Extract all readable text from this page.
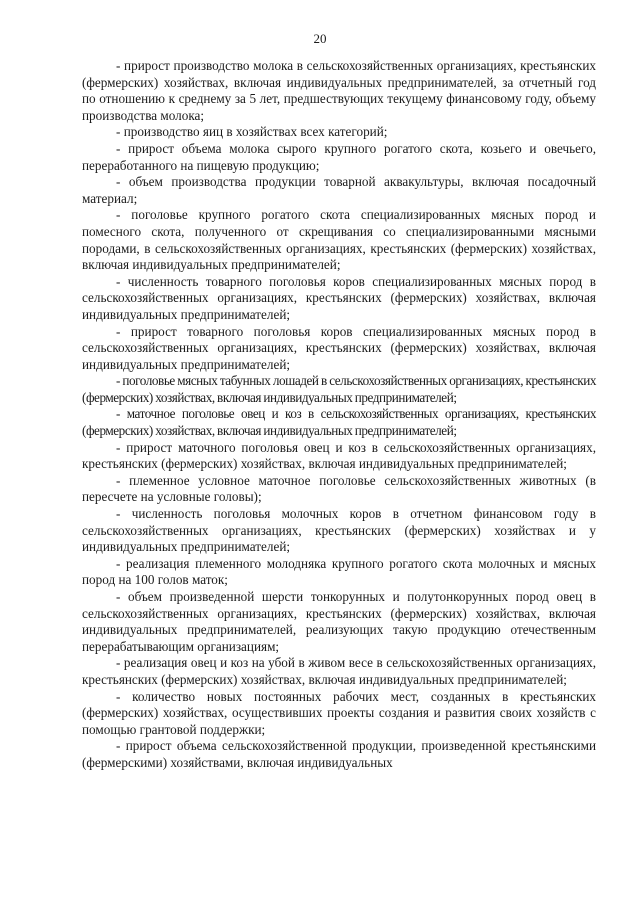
20

- прирост производство молока в сельскохозяйственных организациях, крестьянских (фермерских) хозяйствах, включая индивидуальных предпринимателей, за отчетный год по отношению к среднему за 5 лет, предшествующих текущему финансовому году, объему производства молока;

- производство яиц в хозяйствах всех категорий;

- прирост объема молока сырого крупного рогатого скота, козьего и овечьего, переработанного на пищевую продукцию;

- объем производства продукции товарной аквакультуры, включая посадочный материал;

- поголовье крупного рогатого скота специализированных мясных пород и помесного скота, полученного от скрещивания со специализированными мясными породами, в сельскохозяйственных организациях, крестьянских (фермерских) хозяйствах, включая индивидуальных предпринимателей;

- численность товарного поголовья коров специализированных мясных пород в сельскохозяйственных организациях, крестьянских (фермерских) хозяйствах, включая индивидуальных предпринимателей;

- прирост товарного поголовья коров специализированных мясных пород в сельскохозяйственных организациях, крестьянских (фермерских) хозяйствах, включая индивидуальных предпринимателей;

- поголовье мясных табунных лошадей в сельскохозяйственных организациях, крестьянских (фермерских) хозяйствах, включая индивидуальных предпринимателей;

- маточное поголовье овец и коз в сельскохозяйственных организациях, крестьянских (фермерских) хозяйствах, включая индивидуальных предпринимателей;

- прирост маточного поголовья овец и коз в сельскохозяйственных организациях, крестьянских (фермерских) хозяйствах, включая индивидуальных предпринимателей;

- племенное условное маточное поголовье сельскохозяйственных животных (в пересчете на условные головы);

- численность поголовья молочных коров в отчетном финансовом году в сельскохозяйственных организациях, крестьянских (фермерских) хозяйствах и у индивидуальных предпринимателей;

- реализация племенного молодняка крупного рогатого скота молочных и мясных пород на 100 голов маток;

- объем произведенной шерсти тонкорунных и полутонкорунных пород овец в сельскохозяйственных организациях, крестьянских (фермерских) хозяйствах, включая индивидуальных предпринимателей, реализующих такую продукцию отечественным перерабатывающим организациям;

- реализация овец и коз на убой в живом весе в сельскохозяйственных организациях, крестьянских (фермерских) хозяйствах, включая индивидуальных предпринимателей;

- количество новых постоянных рабочих мест, созданных в крестьянских (фермерских) хозяйствах, осуществивших проекты создания и развития своих хозяйств с помощью грантовой поддержки;

- прирост объема сельскохозяйственной продукции, произведенной крестьянскими (фермерскими) хозяйствами, включая индивидуальных
